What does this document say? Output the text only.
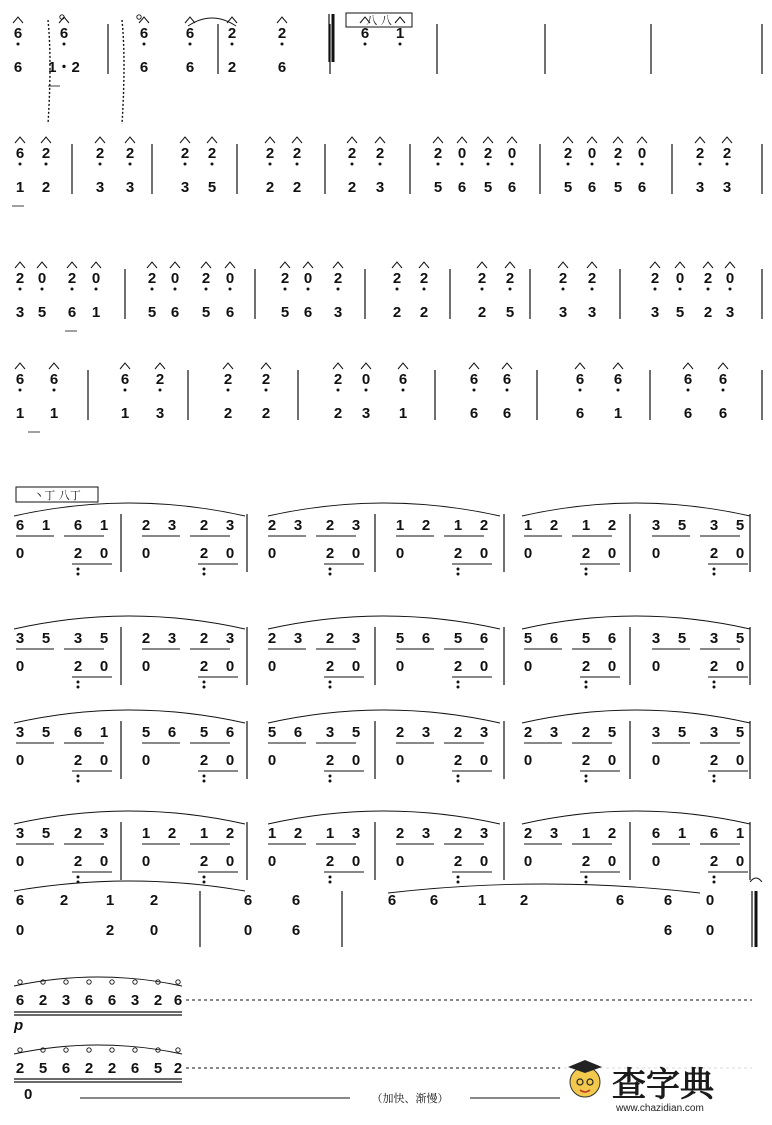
6
6
6
1・2
6
6
6
6
2
2
2
6
6 1
6
1
2
2
2
3
2
3
2
3
2
5
2
2
2
2
2
2
2
3
2
5
0
6
2
5
0
6
2
5
0
6
2
5
0
6
2
3
2
3
2
3
0
5
2
6
0
1
2
5
0
6
2
5
0
6
2
5
0
6
2
3
2
2
2
2
2
2
2
5
2
3
2
3
2
3
0
5
2
2
0
3
6
1
6
1
6
1
2
3
2
2
2
2
2
2
0
3
6
1
6
6
6
6
6
6
6
1
6
6
6
6
八 八
丶丁 八丁
6 1 6 1 2 3 2 3 2 3 2 3 1 2 1 2 1 2 1 2 3 5 3 5
0	2 0 0	2 0 0	2 0 0	2 0 0	2 0 0	2 0
3 5 3 5 2 3 2 3 2 3 2 3 5 6 5 6 5 6 5 6 3 5 3 5
0	2 0 0	2 0 0	2 0 0	2 0 0	2 0 0	2 0
3 5 6 1 5 6 5 6 5 6 3 5 2 3 2 3 2 3 2 5 3 5 3 5
0	2 0 0	2 0 0	2 0 0	2 0 0	2 0 0	2 0
3 5 2 3 1 2 1 2 1 2 1 3 2 3 2 3 2 3 1 2 6 1 6 1
0	2 0 0	2 0 0	2 0 0	2 0 0	2 0 0	2 0
6 2	1 2	6	6	6 6	1 2	6	6 0
0	2 0	0	6	6 0
6 2 3 6 6 3 2 6
2 5 6 2 2 6 5 2
p
0	（加快、渐慢）	查字典
www.chazidian.com
